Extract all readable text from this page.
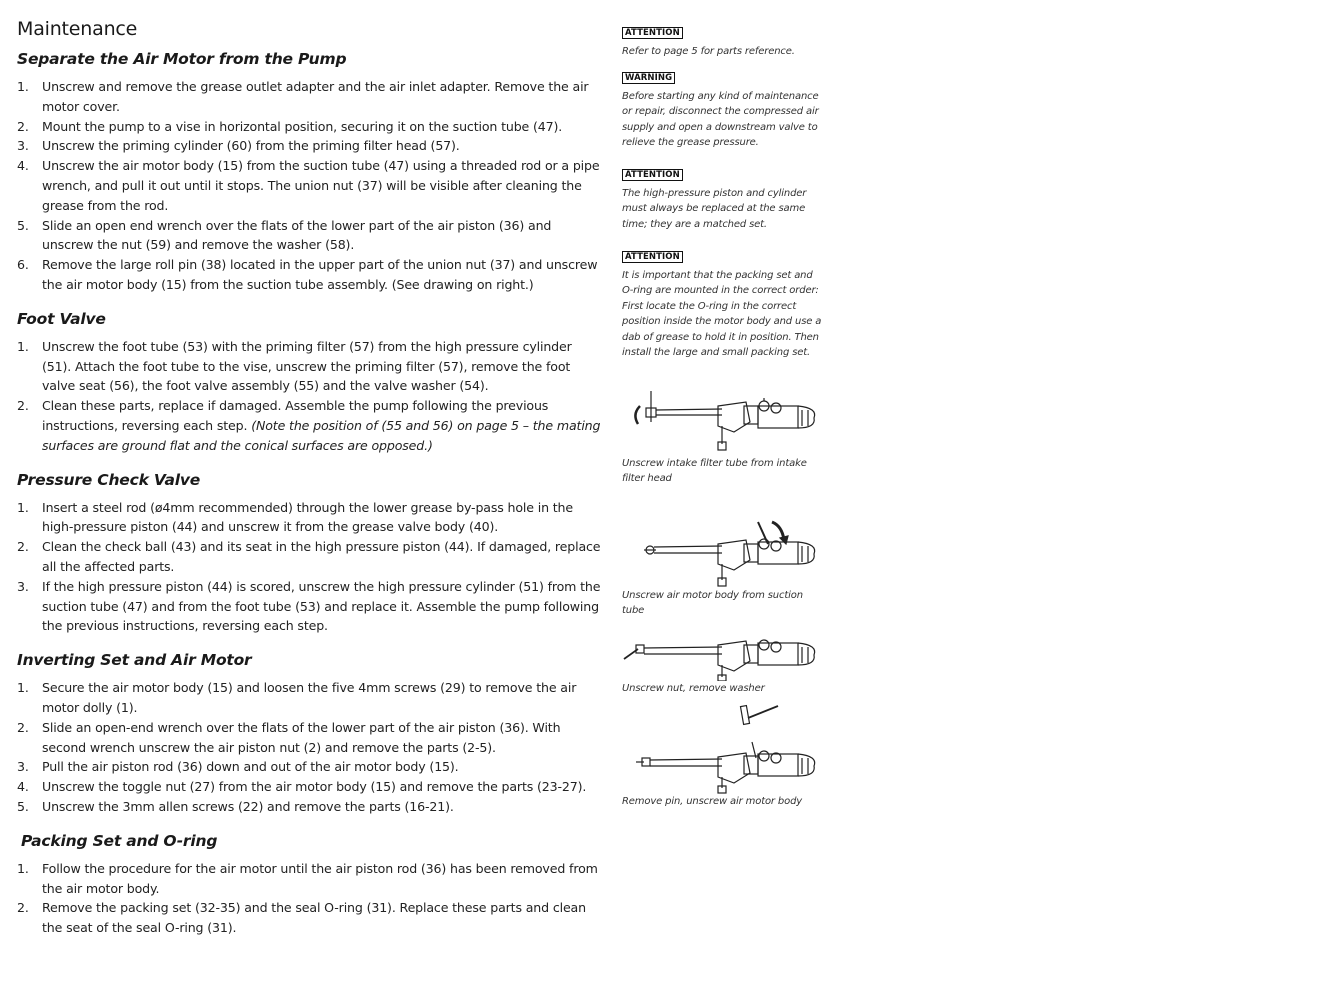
Maintenance
Separate the Air Motor from the Pump
1. Unscrew and remove the grease outlet adapter and the air inlet adapter. Remove the air motor cover.
2. Mount the pump to a vise in horizontal position, securing it on the suction tube (47).
3. Unscrew the priming cylinder (60) from the priming filter head (57).
4. Unscrew the air motor body (15) from the suction tube (47) using a threaded rod or a pipe wrench, and pull it out until it stops. The union nut (37) will be visible after cleaning the grease from the rod.
5. Slide an open end wrench over the flats of the lower part of the air piston (36) and unscrew the nut (59) and remove the washer (58).
6. Remove the large roll pin (38) located in the upper part of the union nut (37) and unscrew the air motor body (15) from the suction tube assembly. (See drawing on right.)
Foot Valve
1. Unscrew the foot tube (53) with the priming filter (57) from the high pressure cylinder (51). Attach the foot tube to the vise, unscrew the priming filter (57), remove the foot valve seat (56), the foot valve assembly (55) and the valve washer (54).
2. Clean these parts, replace if damaged. Assemble the pump following the previous instructions, reversing each step. (Note the position of (55 and 56) on page 5 – the mating surfaces are ground flat and the conical surfaces are opposed.)
Pressure Check Valve
1. Insert a steel rod (ø4mm recommended) through the lower grease by-pass hole in the high-pressure piston (44) and unscrew it from the grease valve body (40).
2. Clean the check ball (43) and its seat in the high pressure piston (44). If damaged, replace all the affected parts.
3. If the high pressure piston (44) is scored, unscrew the high pressure cylinder (51) from the suction tube (47) and from the foot tube (53) and replace it. Assemble the pump following the previous instructions, reversing each step.
Inverting Set and Air Motor
1. Secure the air motor body (15) and loosen the five 4mm screws (29) to remove the air motor dolly (1).
2. Slide an open-end wrench over the flats of the lower part of the air piston (36). With second wrench unscrew the air piston nut (2) and remove the parts (2-5).
3. Pull the air piston rod (36) down and out of the air motor body (15).
4. Unscrew the toggle nut (27) from the air motor body (15) and remove the parts (23-27).
5. Unscrew the 3mm allen screws (22) and remove the parts (16-21).
Packing Set and O-ring
1. Follow the procedure for the air motor until the air piston rod (36) has been removed from the air motor body.
2. Remove the packing set (32-35) and the seal O-ring (31). Replace these parts and clean the seat of the seal O-ring (31).
ATTENTION

Refer to page 5 for parts reference.

WARNING

Before starting any kind of maintenance or repair, disconnect the compressed air supply and open a downstream valve to relieve the grease pressure.

ATTENTION

The high-pressure piston and cylinder must always be replaced at the same time; they are a matched set.

ATTENTION

It is important that the packing set and O-ring are mounted in the correct order: First locate the O-ring in the correct position inside the motor body and use a dab of grease to hold it in position. Then install the large and small packing set.

Unscrew intake filter tube from intake filter head

Unscrew air motor body from suction tube

Unscrew nut, remove washer

Remove pin, unscrew air motor body
